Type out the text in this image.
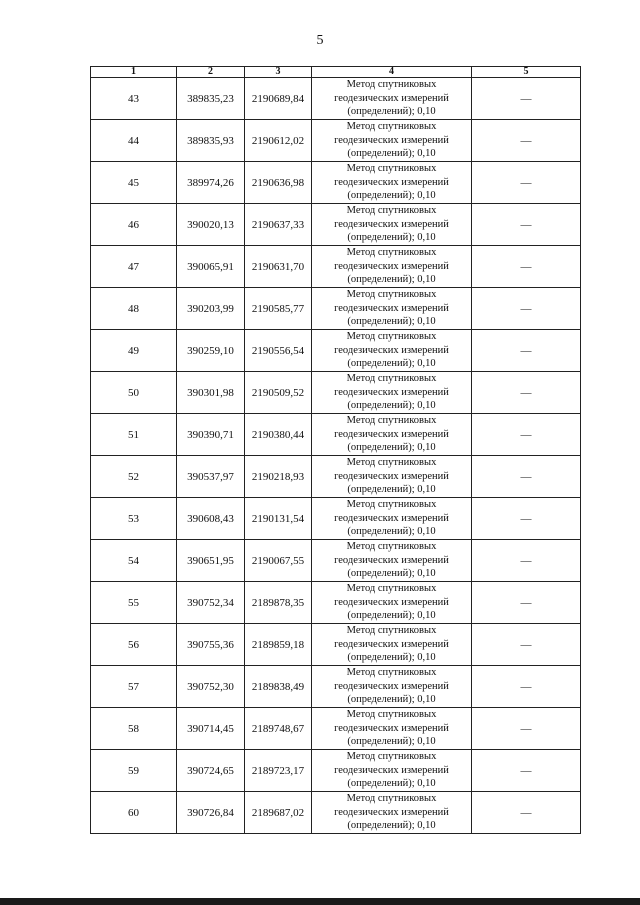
5
1	2	3	4	5
43	389835,23	2190689,84	Метод спутниковых геодезических измерений (определений); 0,10	—
44	389835,93	2190612,02	Метод спутниковых геодезических измерений (определений); 0,10	—
45	389974,26	2190636,98	Метод спутниковых геодезических измерений (определений); 0,10	—
46	390020,13	2190637,33	Метод спутниковых геодезических измерений (определений); 0,10	—
47	390065,91	2190631,70	Метод спутниковых геодезических измерений (определений); 0,10	—
48	390203,99	2190585,77	Метод спутниковых геодезических измерений (определений); 0,10	—
49	390259,10	2190556,54	Метод спутниковых геодезических измерений (определений); 0,10	—
50	390301,98	2190509,52	Метод спутниковых геодезических измерений (определений); 0,10	—
51	390390,71	2190380,44	Метод спутниковых геодезических измерений (определений); 0,10	—
52	390537,97	2190218,93	Метод спутниковых геодезических измерений (определений); 0,10	—
53	390608,43	2190131,54	Метод спутниковых геодезических измерений (определений); 0,10	—
54	390651,95	2190067,55	Метод спутниковых геодезических измерений (определений); 0,10	—
55	390752,34	2189878,35	Метод спутниковых геодезических измерений (определений); 0,10	—
56	390755,36	2189859,18	Метод спутниковых геодезических измерений (определений); 0,10	—
57	390752,30	2189838,49	Метод спутниковых геодезических измерений (определений); 0,10	—
58	390714,45	2189748,67	Метод спутниковых геодезических измерений (определений); 0,10	—
59	390724,65	2189723,17	Метод спутниковых геодезических измерений (определений); 0,10	—
60	390726,84	2189687,02	Метод спутниковых геодезических измерений (определений); 0,10	—
